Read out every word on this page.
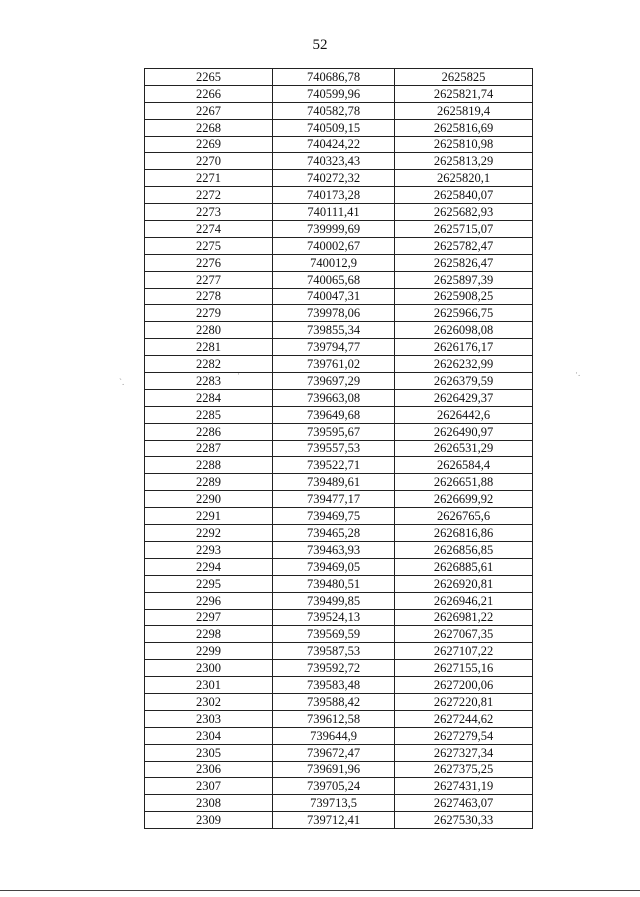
52
2265	740686,78	2625825
2266	740599,96	2625821,74
2267	740582,78	2625819,4
2268	740509,15	2625816,69
2269	740424,22	2625810,98
2270	740323,43	2625813,29
2271	740272,32	2625820,1
2272	740173,28	2625840,07
2273	740111,41	2625682,93
2274	739999,69	2625715,07
2275	740002,67	2625782,47
2276	740012,9	2625826,47
2277	740065,68	2625897,39
2278	740047,31	2625908,25
2279	739978,06	2625966,75
2280	739855,34	2626098,08
2281	739794,77	2626176,17
2282	739761,02	2626232,99
2283	739697,29	2626379,59
2284	739663,08	2626429,37
2285	739649,68	2626442,6
2286	739595,67	2626490,97
2287	739557,53	2626531,29
2288	739522,71	2626584,4
2289	739489,61	2626651,88
2290	739477,17	2626699,92
2291	739469,75	2626765,6
2292	739465,28	2626816,86
2293	739463,93	2626856,85
2294	739469,05	2626885,61
2295	739480,51	2626920,81
2296	739499,85	2626946,21
2297	739524,13	2626981,22
2298	739569,59	2627067,35
2299	739587,53	2627107,22
2300	739592,72	2627155,16
2301	739583,48	2627200,06
2302	739588,42	2627220,81
2303	739612,58	2627244,62
2304	739644,9	2627279,54
2305	739672,47	2627327,34
2306	739691,96	2627375,25
2307	739705,24	2627431,19
2308	739713,5	2627463,07
2309	739712,41	2627530,33
`.
·	·.
